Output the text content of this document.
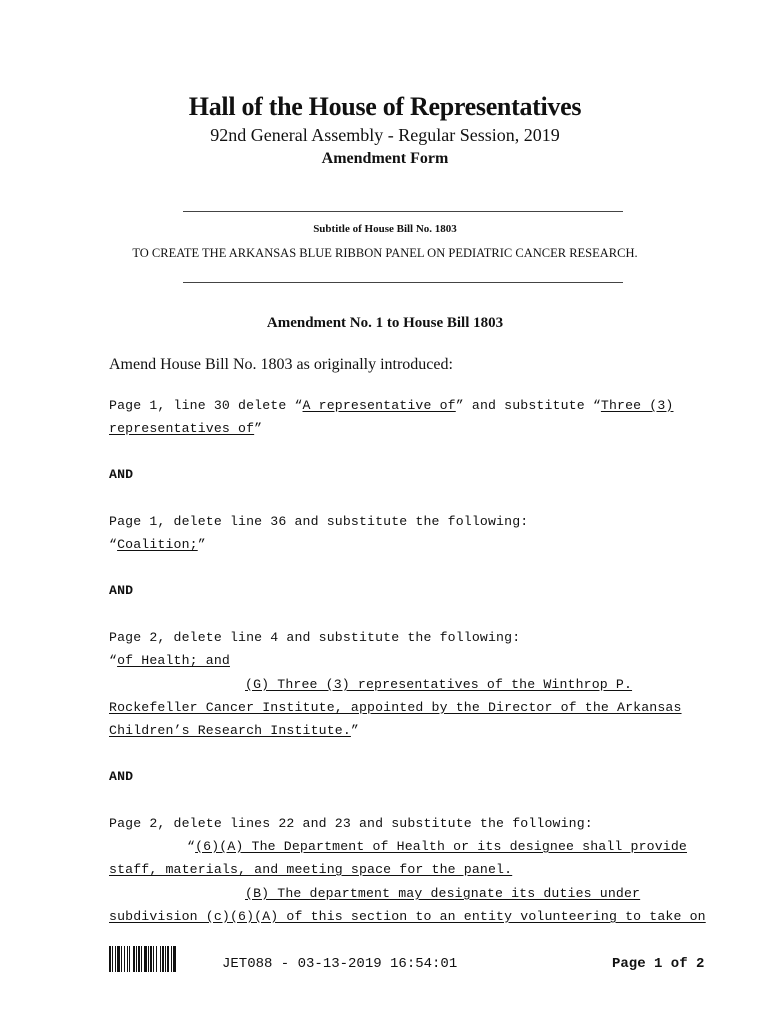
Hall of the House of Representatives
92nd General Assembly - Regular Session, 2019
Amendment Form
Subtitle of House Bill No. 1803
TO CREATE THE ARKANSAS BLUE RIBBON PANEL ON PEDIATRIC CANCER RESEARCH.
Amendment No. 1 to House Bill 1803
Amend House Bill No. 1803 as originally introduced:
Page 1, line 30 delete “A representative of” and substitute “Three (3)
representatives of”
AND
Page 1, delete line 36 and substitute the following:
“Coalition;”
AND
Page 2, delete line 4 and substitute the following:
“of Health; and
(G) Three (3) representatives of the Winthrop P.
Rockefeller Cancer Institute, appointed by the Director of the Arkansas
Children’s Research Institute.”
AND
Page 2, delete lines 22 and 23 and substitute the following:
“(6)(A) The Department of Health or its designee shall provide
staff, materials, and meeting space for the panel.
(B) The department may designate its duties under
subdivision (c)(6)(A) of this section to an entity volunteering to take on
JET088 - 03-13-2019 16:54:01	Page 1 of 2
